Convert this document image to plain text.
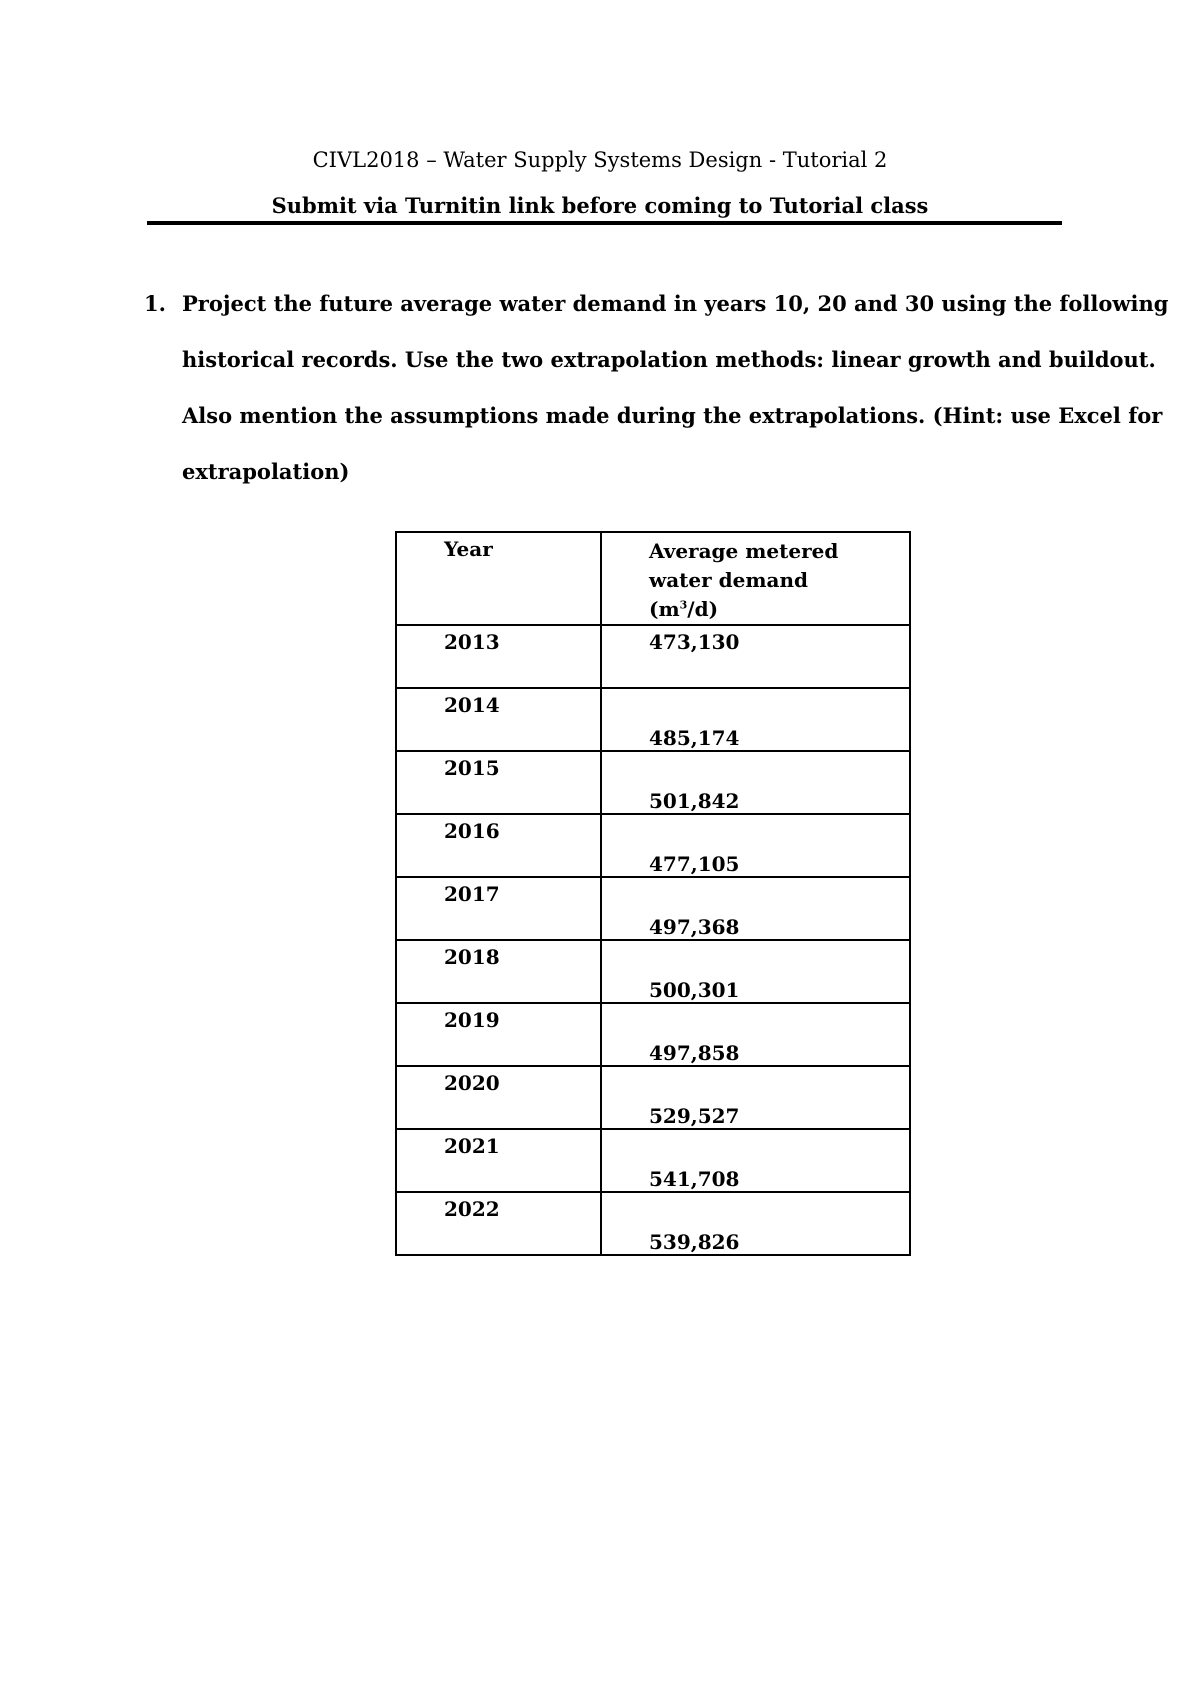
CIVL2018 – Water Supply Systems Design - Tutorial 2
Submit via Turnitin link before coming to Tutorial class
1. Project the future average water demand in years 10, 20 and 30 using the following
historical records. Use the two extrapolation methods: linear growth and buildout.
Also mention the assumptions made during the extrapolations. (Hint: use Excel for
extrapolation)
Year	Average metered
water demand
$(m^3/d)$
2013	473,130
2014	485,174
2015	501,842
2016	477,105
2017	497,368
2018	500,301
2019	497,858
2020	529,527
2021	541,708
2022	539,826
